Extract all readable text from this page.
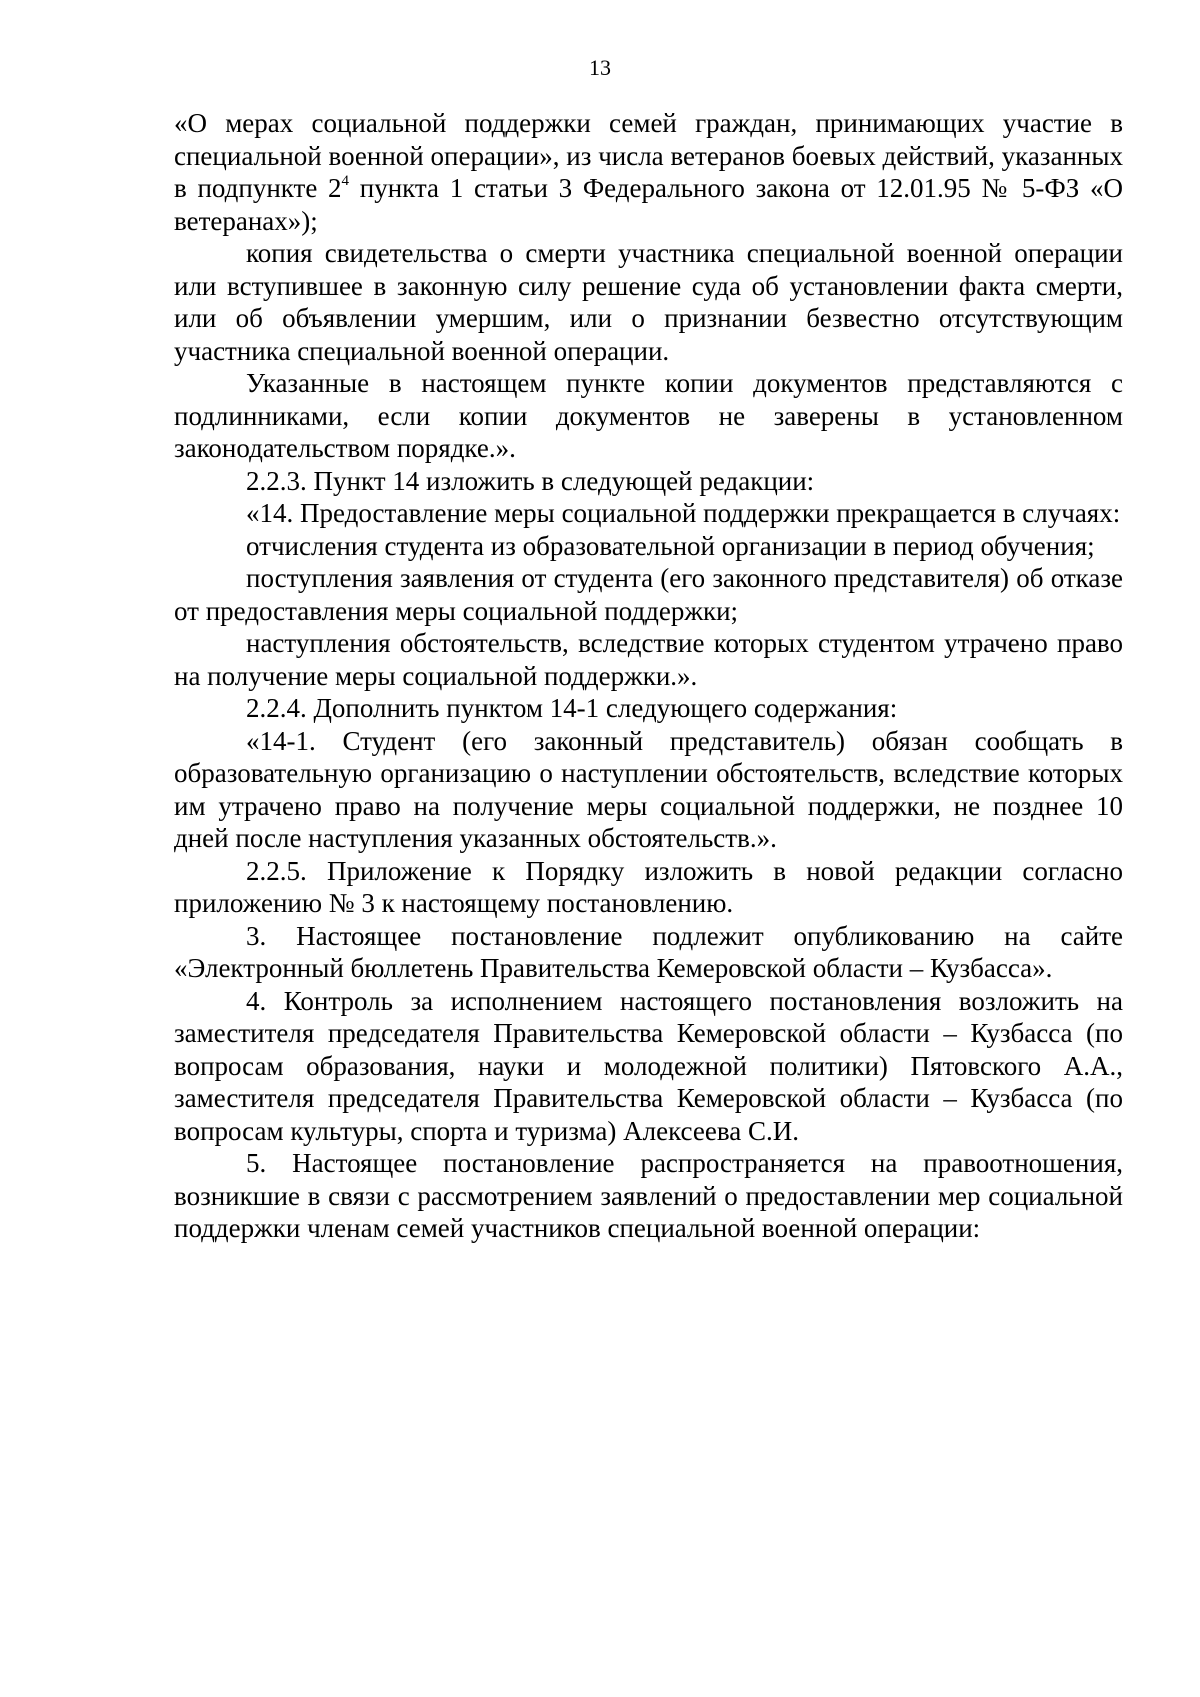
13

«О мерах социальной поддержки семей граждан, принимающих участие в специальной военной операции», из числа ветеранов боевых действий, указанных в подпункте $2^4$ пункта 1 статьи 3 Федерального закона от 12.01.95 № 5-ФЗ «О ветеранах»);

копия свидетельства о смерти участника специальной военной операции или вступившее в законную силу решение суда об установлении факта смерти, или об объявлении умершим, или о признании безвестно отсутствующим участника специальной военной операции.

Указанные в настоящем пункте копии документов представляются с подлинниками, если копии документов не заверены в установленном законодательством порядке.».

2.2.3. Пункт 14 изложить в следующей редакции:

«14. Предоставление меры социальной поддержки прекращается в случаях:

отчисления студента из образовательной организации в период обучения;

поступления заявления от студента (его законного представителя) об отказе от предоставления меры социальной поддержки;

наступления обстоятельств, вследствие которых студентом утрачено право на получение меры социальной поддержки.».

2.2.4. Дополнить пунктом 14-1 следующего содержания:

«14-1. Студент (его законный представитель) обязан сообщать в образовательную организацию о наступлении обстоятельств, вследствие которых им утрачено право на получение меры социальной поддержки, не позднее 10 дней после наступления указанных обстоятельств.».

2.2.5. Приложение к Порядку изложить в новой редакции согласно приложению № 3 к настоящему постановлению.

3. Настоящее постановление подлежит опубликованию на сайте «Электронный бюллетень Правительства Кемеровской области – Кузбасса».

4. Контроль за исполнением настоящего постановления возложить на заместителя председателя Правительства Кемеровской области – Кузбасса (по вопросам образования, науки и молодежной политики) Пятовского А.А., заместителя председателя Правительства Кемеровской области – Кузбасса (по вопросам культуры, спорта и туризма) Алексеева С.И.

5. Настоящее постановление распространяется на правоотношения, возникшие в связи с рассмотрением заявлений о предоставлении мер социальной поддержки членам семей участников специальной военной операции:
